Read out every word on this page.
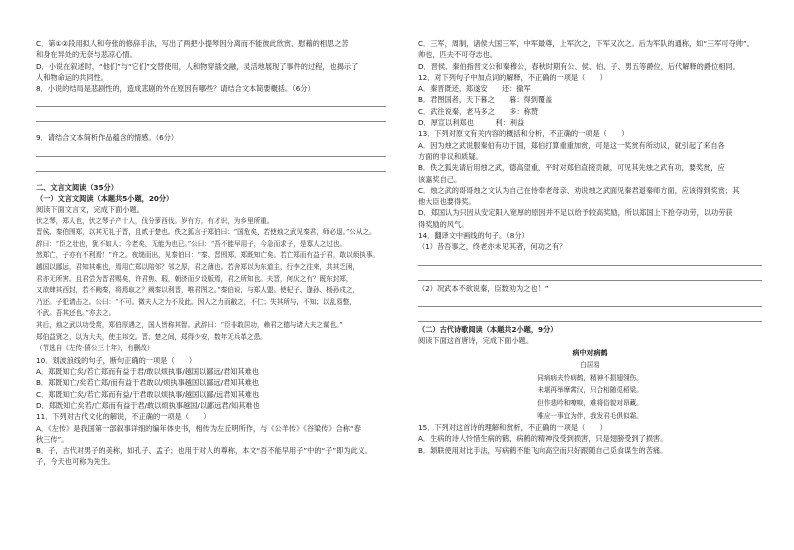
C．第①②段用拟人和夸张的修辞手法，写出了两把小提琴因分离而不能彼此欣赏、慰藉的相思之苦
和身在异处的无奈与悲凉心情。
D．小说在叙述时，“他们”与“它们”交替使用，人和物穿插交融，灵活地展现了事件的过程，也揭示了
人和物命运的共同性。
8．小说的结局是悲剧性的，造成悲剧的外在原因有哪些？请结合文本简要概括。（6分）
9．请结合文本简析作品蕴含的情感。（6分）
二、文言文阅读（35分）
（一）文言文阅读（本题共5小题，20分）
阅读下面文言文，完成下面小题。
伏之琴，郑人也，伏之琴子产十人，伐分萝西伐。岁有方，有才识，为乡里所重。
晋侯、秦伯围郑，以其无礼于晋，且贰于楚也。佚之狐言于郑伯曰：“国危矣，若使烛之武见秦君，师必退。”公从之。
辞曰：“臣之壮也，犹不如人；今老矣，无能为也已。”公曰：“吾不能早用子，今急而求子，是寡人之过也。
然郑亡，子亦有不利焉！”许之。夜缒而出，见秦伯曰：“秦、晋围郑，郑既知亡矣。若亡郑而有益于君，敢以烦执事。
越国以鄙远，君知其难也，焉用亡郑以陪邻？邻之厚，君之薄也。若舍郑以为东道主，行李之往来，共其乏困，
君亦无所害。且君尝为晋君赐矣，许君焦、瑕，朝济而夕设版焉，君之所知也。夫晋，何厌之有？既东封郑，
又欲肆其西封，若不阙秦，将焉取之？阙秦以利晋，唯君图之。”秦伯说，与郑人盟。使杞子、逢孙、杨孙戍之，
乃还。子犯请击之。公曰：“不可。微夫人之力不及此。因人之力而敝之，不仁；失其所与，不知；以乱易整，
不武。吾其还也。”亦去之。
其后，烛之武以功受赏，郑伯厚遇之，国人皆称其智。武辞曰：“臣非敢居功，赖君之德与诸大夫之谋也。”
郑伯益贤之，以为大夫，使主邦交。晋、楚之间，郑得少安，数年无兵革之患。
（节选自《左传·僖公三十年》，有删改）
10．划波浪线的句子，断句正确的一项是（　　）
A．郑既知亡矣/若亡郑而有益于君/敢以烦执事/越国以鄙远/君知其难也
B．郑既知亡/矣若亡郑/而有益于君敢以/烦执事越国以鄙远/君知其难也
C．郑既知亡矣/若亡郑而有益/于君敢以烦执事/越国以鄙/远君知其难也
D．郑既知亡矣若/亡郑而有益于君/敢以烦执事越国/以鄙远君/知其难也
11．下列对古代文化的解说，不正确的一项是（　　）
A．《左传》是我国第一部叙事详细的编年体史书，相传为左丘明所作，与《公羊传》《谷梁传》合称“春
秋三传”。
B．子，古代对男子的美称，如孔子、孟子；也用于对人的尊称，本文“吾不能早用子”中的“子”即为此义。
子，今天也可称为先生。
C．三军，周制，诸侯大国三军，中军最尊，上军次之，下军又次之。后为军队的通称，如“三军可夺帅”。
帅也，匹夫不可夺志也。
D．晋侯、秦伯指晋文公和秦穆公，春秋时期有公、侯、伯、子、男五等爵位，后代解释的爵位相同。
12．对下列句子中加点词的解释，不正确的一项是（　　）
A．秦晋既还，郑遂安　　还：撤军
B．君图国者，天下暮之　　暮：得到覆盖
C．武往说秦，老马多之　　多：称赞
D．厚宣以利郑也　　　利：利益
13．下列对原文有关内容的概括和分析，不正确的一项是（　　）
A．因为烛之武说服秦伯有功于国，郑伯打算重重加赏，可是这一奖赏有所动议，就引起了来自各
方面的非议和质疑。
B．佚之狐先请后用烛之武，德高望重，平时对郑伯直接贡献，可见其先烛之武有功，要奖赏，应
该嘉奖自己。
C．烛之武的哥哥烛之文认为自己在侍奉老母亲、劝说烛之武面见秦君退秦师方面，应该得到奖赏；其
他大臣也要得奖。
D．郑国认为只因从安定阳入宽厚的原因并不足以给予较高奖励，所以郑国上下抢夺功劳，以功劳获
得奖励的风气。
14．翻译文中画线的句子。（8分）
（1）昔吾事之，终老亦未见其者，何功之有？
（2）况武本不欲说秦，臣数劝为之也！”
（二）古代诗歌阅读（本题共2小题，9分）
阅读下面这首唐诗，完成下面小题。
病中对病鹤
白居易
同病病夫怜病鹤，精神不损翅翎伤。
未堪再举摩霄汉，只合相随觅稻粱。
但作悲吟和嘹唳，难将俗貌对昂藏。
唯应一事宜为伴，我发君毛俱似霜。
15．下列对这首诗的理解和赏析，不正确的一项是（　　）
A．生病的诗人怜惜生病的鹤，病鹤的精神没受到损害，只是翅膀受到了损害。
B．颔联使用对比手法，写病鹤不能飞向高空而只好跟随自己觅食谋生的苦痛。
